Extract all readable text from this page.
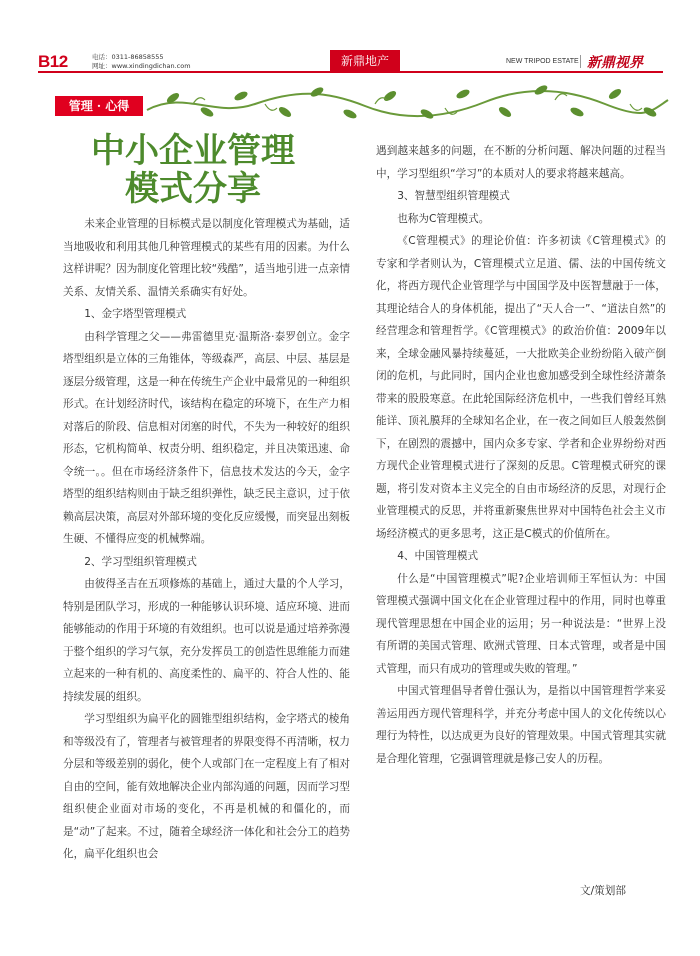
B12	电话：0311-86858555
网址：www.xindingdichan.com	新鼎地产	NEW TRIPOD ESTATE 新鼎视界
管理 · 心得
中小企业管理
模式分享

未来企业管理的目标模式是以制度化管理模式为基础，适当地吸收和利用其他几种管理模式的某些有用的因素。为什么这样讲呢？因为制度化管理比较“残酷”，适当地引进一点亲情关系、友情关系、温情关系确实有好处。

1、金字塔型管理模式

由科学管理之父——弗雷德里克·温斯洛·泰罗创立。金字塔型组织是立体的三角锥体，等级森严，高层、中层、基层是逐层分级管理，这是一种在传统生产企业中最常见的一种组织形式。在计划经济时代，该结构在稳定的环境下，在生产力相对落后的阶段、信息相对闭塞的时代，不失为一种较好的组织形态，它机构简单、权责分明、组织稳定，并且决策迅速、命令统一。。但在市场经济条件下，信息技术发达的今天，金字塔型的组织结构则由于缺乏组织弹性，缺乏民主意识，过于依赖高层决策，高层对外部环境的变化反应缓慢，而突显出刻板生硬、不懂得应变的机械弊端。

2、学习型组织管理模式

由彼得圣吉在五项修炼的基础上，通过大量的个人学习，特别是团队学习，形成的一种能够认识环境、适应环境、进而能够能动的作用于环境的有效组织。也可以说是通过培养弥漫于整个组织的学习气氛，充分发挥员工的创造性思维能力而建立起来的一种有机的、高度柔性的、扁平的、符合人性的、能持续发展的组织。

学习型组织为扁平化的圆锥型组织结构，金字塔式的棱角和等级没有了，管理者与被管理者的界限变得不再清晰，权力分层和等级差别的弱化，使个人或部门在一定程度上有了相对自由的空间，能有效地解决企业内部沟通的问题，因而学习型组织使企业面对市场的变化，不再是机械的和僵化的，而是“动”了起来。不过，随着全球经济一体化和社会分工的趋势化，扁平化组织也会

遇到越来越多的问题，在不断的分析问题、解决问题的过程当中，学习型组织“学习”的本质对人的要求将越来越高。

3、智慧型组织管理模式

也称为C管理模式。

《C管理模式》的理论价值：许多初读《C管理模式》的专家和学者则认为，C管理模式立足道、儒、法的中国传统文化，将西方现代企业管理学与中国国学及中医智慧融于一体，其理论结合人的身体机能，提出了“天人合一”、“道法自然”的经营理念和管理哲学。《C管理模式》的政治价值：2009年以来，全球金融风暴持续蔓延，一大批欧美企业纷纷陷入破产倒闭的危机，与此同时，国内企业也愈加感受到全球性经济萧条带来的股股寒意。在此轮国际经济危机中，一些我们曾经耳熟能详、顶礼膜拜的全球知名企业，在一夜之间如巨人般轰然倒下，在剧烈的震撼中，国内众多专家、学者和企业界纷纷对西方现代企业管理模式进行了深刻的反思。C管理模式研究的课题，将引发对资本主义完全的自由市场经济的反思，对现行企业管理模式的反思，并将重新聚焦世界对中国特色社会主义市场经济模式的更多思考，这正是C模式的价值所在。

4、中国管理模式

什么是“中国管理模式”呢?企业培训师王军恒认为：中国管理模式强调中国文化在企业管理过程中的作用，同时也尊重现代管理思想在中国企业的运用；另一种说法是：“世界上没有所谓的美国式管理、欧洲式管理、日本式管理，或者是中国式管理，而只有成功的管理或失败的管理。”

中国式管理倡导者曾仕强认为，是指以中国管理哲学来妥善运用西方现代管理科学，并充分考虑中国人的文化传统以心理行为特性，以达成更为良好的管理效果。中国式管理其实就是合理化管理，它强调管理就是修己安人的历程。

文/策划部
